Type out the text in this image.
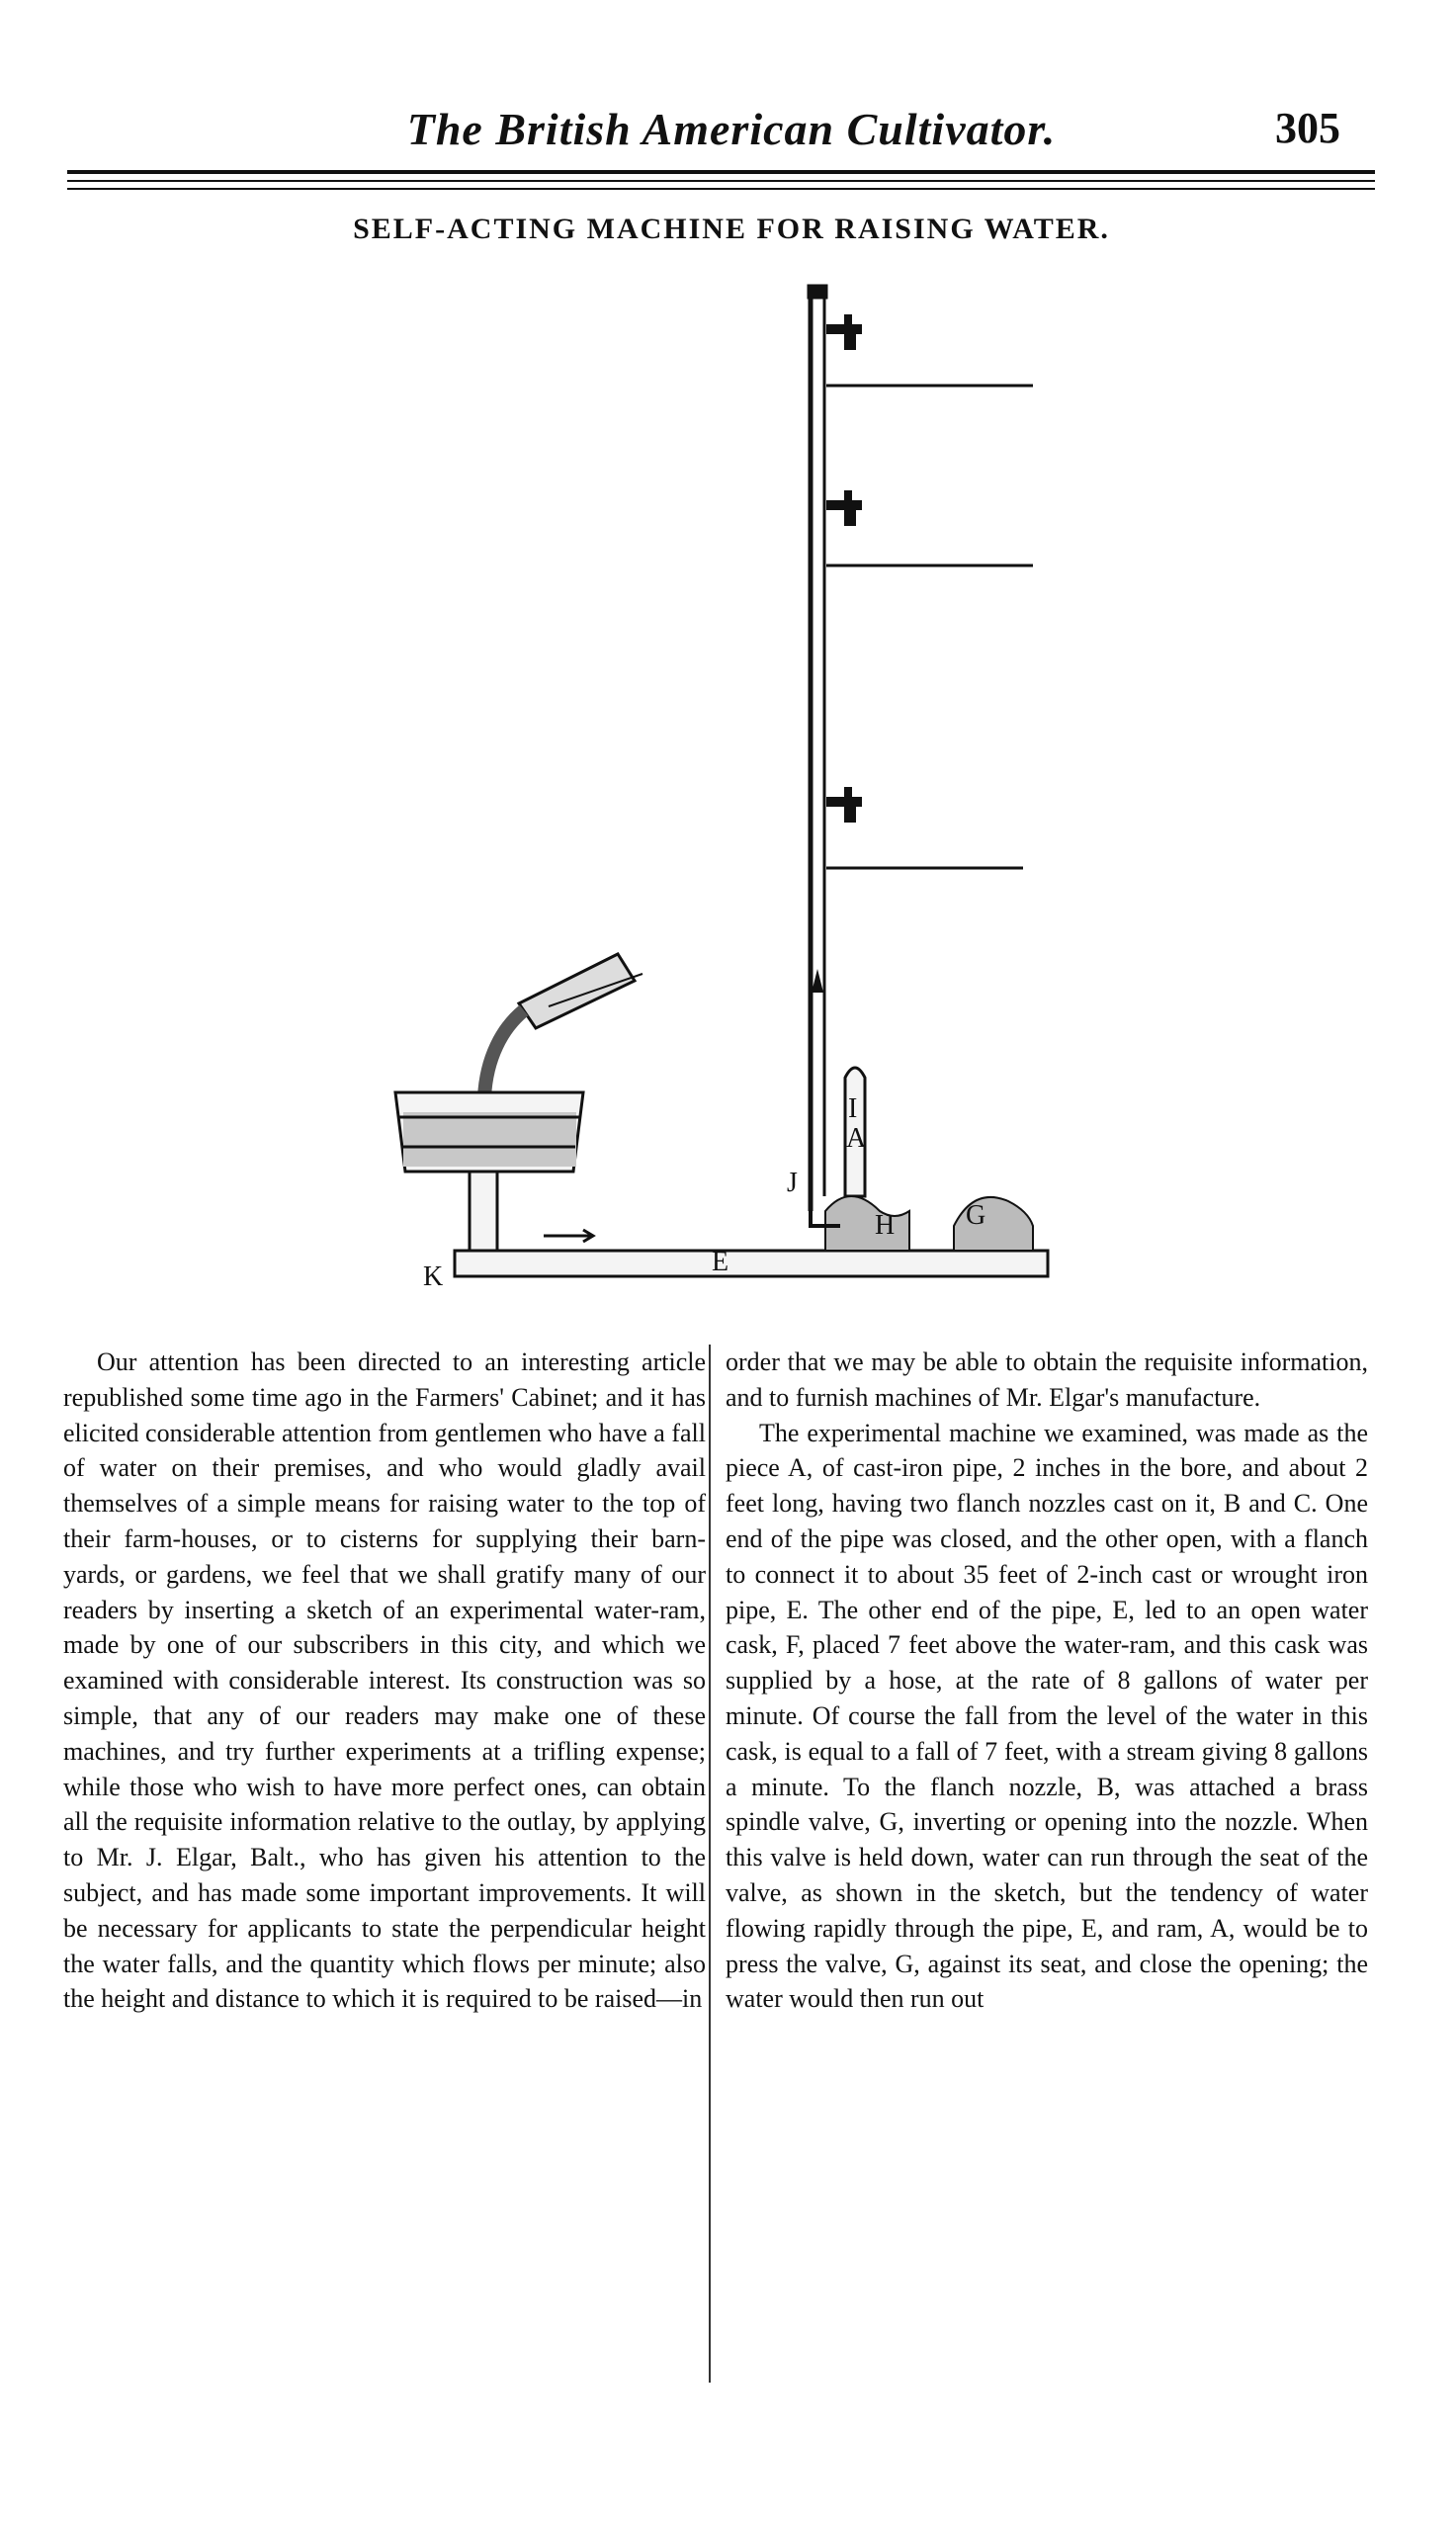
The British American Cultivator.	305
SELF-ACTING MACHINE FOR RAISING WATER.
A
E
G
H
I
J
K

Our attention has been directed to an interesting article republished some time ago in the Farmers' Cabinet; and it has elicited considerable attention from gentlemen who have a fall of water on their premises, and who would gladly avail themselves of a simple means for raising water to the top of their farm-houses, or to cisterns for supplying their barn-yards, or gardens, we feel that we shall gratify many of our readers by inserting a sketch of an experimental water-ram, made by one of our subscribers in this city, and which we examined with considerable interest. Its construction was so simple, that any of our readers may make one of these machines, and try further experiments at a trifling expense; while those who wish to have more perfect ones, can obtain all the requisite information relative to the outlay, by applying to Mr. J. Elgar, Balt., who has given his attention to the subject, and has made some important improvements. It will be necessary for applicants to state the perpendicular height the water falls, and the quantity which flows per minute; also the height and distance to which it is required to be raised—in

order that we may be able to obtain the requisite information, and to furnish machines of Mr. Elgar's manufacture.

The experimental machine we examined, was made as the piece A, of cast-iron pipe, 2 inches in the bore, and about 2 feet long, having two flanch nozzles cast on it, B and C. One end of the pipe was closed, and the other open, with a flanch to connect it to about 35 feet of 2-inch cast or wrought iron pipe, E. The other end of the pipe, E, led to an open water cask, F, placed 7 feet above the water-ram, and this cask was supplied by a hose, at the rate of 8 gallons of water per minute. Of course the fall from the level of the water in this cask, is equal to a fall of 7 feet, with a stream giving 8 gallons a minute. To the flanch nozzle, B, was attached a brass spindle valve, G, inverting or opening into the nozzle. When this valve is held down, water can run through the seat of the valve, as shown in the sketch, but the tendency of water flowing rapidly through the pipe, E, and ram, A, would be to press the valve, G, against its seat, and close the opening; the water would then run out
